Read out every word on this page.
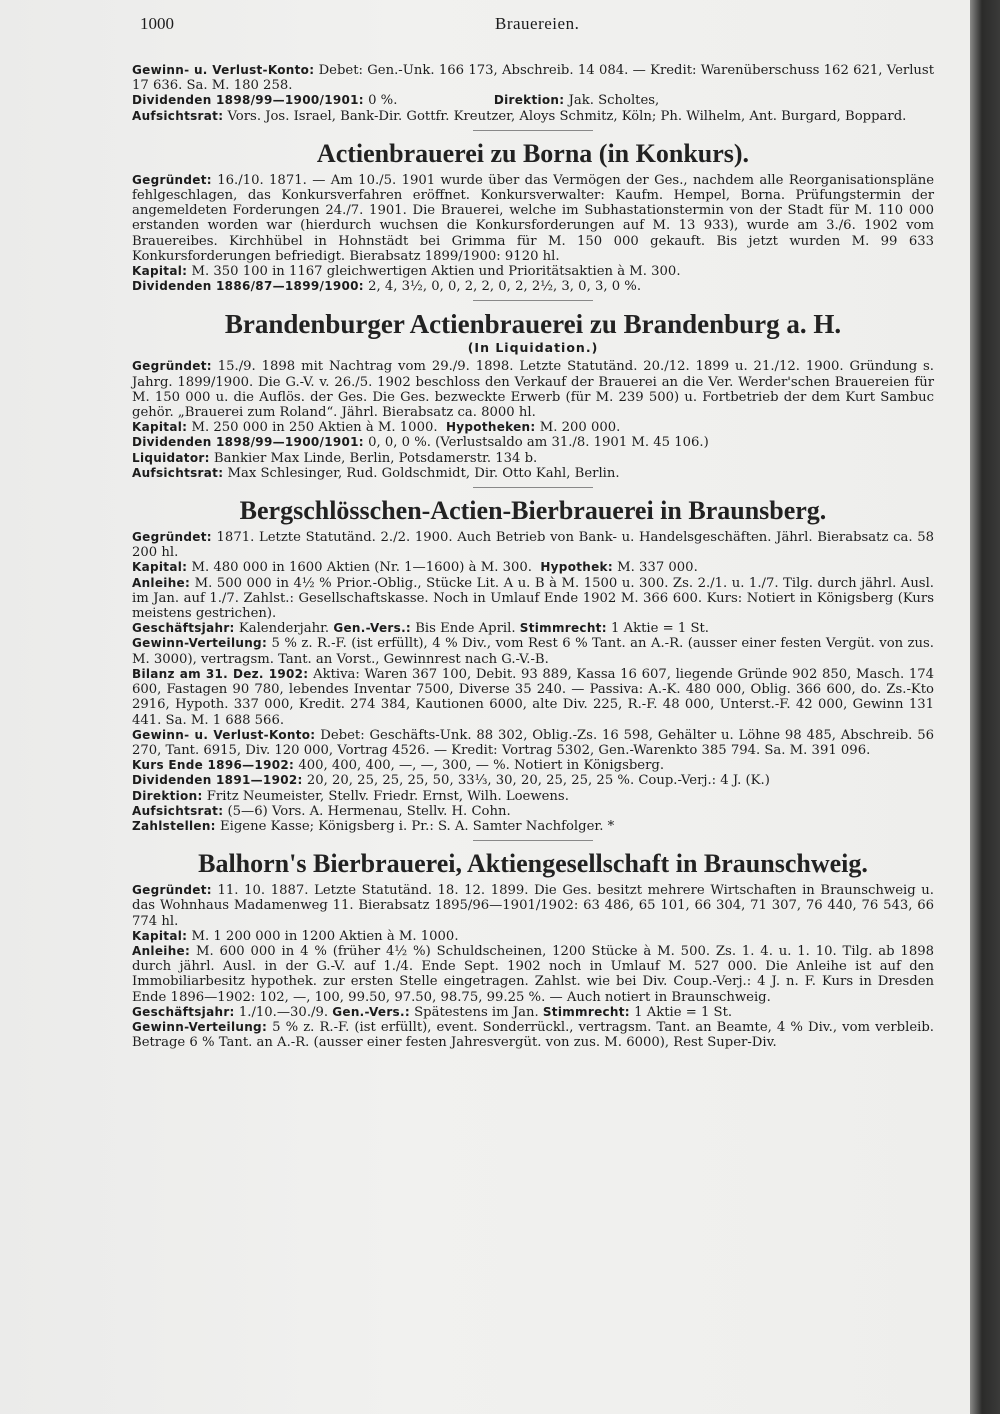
1000	Brauereien.

Gewinn- u. Verlust-Konto: Debet: Gen.-Unk. 166 173, Abschreib. 14 084. — Kredit: Warenüberschuss 162 621, Verlust 17 636. Sa. M. 180 258.

Dividenden 1898/99—1900/1901: 0 %.	Direktion: Jak. Scholtes,

Aufsichtsrat: Vors. Jos. Israel, Bank-Dir. Gottfr. Kreutzer, Aloys Schmitz, Köln; Ph. Wilhelm, Ant. Burgard, Boppard.

Actienbrauerei zu Borna (in Konkurs).

Gegründet: 16./10. 1871. — Am 10./5. 1901 wurde über das Vermögen der Ges., nachdem alle Reorganisationspläne fehlgeschlagen, das Konkursverfahren eröffnet. Konkursverwalter: Kaufm. Hempel, Borna. Prüfungstermin der angemeldeten Forderungen 24./7. 1901. Die Brauerei, welche im Subhastationstermin von der Stadt für M. 110 000 erstanden worden war (hierdurch wuchsen die Konkursforderungen auf M. 13 933), wurde am 3./6. 1902 vom Brauereibes. Kirchhübel in Hohnstädt bei Grimma für M. 150 000 gekauft. Bis jetzt wurden M. 99 633 Konkursforderungen befriedigt. Bierabsatz 1899/1900: 9120 hl.

Kapital: M. 350 100 in 1167 gleichwertigen Aktien und Prioritätsaktien à M. 300.

Dividenden 1886/87—1899/1900: 2, 4, 3½, 0, 0, 2, 2, 0, 2, 2½, 3, 0, 3, 0 %.

Brandenburger Actienbrauerei zu Brandenburg a. H.

(In Liquidation.)

Gegründet: 15./9. 1898 mit Nachtrag vom 29./9. 1898. Letzte Statutänd. 20./12. 1899 u. 21./12. 1900. Gründung s. Jahrg. 1899/1900. Die G.-V. v. 26./5. 1902 beschloss den Verkauf der Brauerei an die Ver. Werder'schen Brauereien für M. 150 000 u. die Auflös. der Ges. Die Ges. bezweckte Erwerb (für M. 239 500) u. Fortbetrieb der dem Kurt Sambuc gehör. „Brauerei zum Roland“. Jährl. Bierabsatz ca. 8000 hl.

Kapital: M. 250 000 in 250 Aktien à M. 1000. Hypotheken: M. 200 000.

Dividenden 1898/99—1900/1901: 0, 0, 0 %. (Verlustsaldo am 31./8. 1901 M. 45 106.)

Liquidator: Bankier Max Linde, Berlin, Potsdamerstr. 134 b.

Aufsichtsrat: Max Schlesinger, Rud. Goldschmidt, Dir. Otto Kahl, Berlin.

Bergschlösschen-Actien-Bierbrauerei in Braunsberg.

Gegründet: 1871. Letzte Statutänd. 2./2. 1900. Auch Betrieb von Bank- u. Handelsgeschäften. Jährl. Bierabsatz ca. 58 200 hl.

Kapital: M. 480 000 in 1600 Aktien (Nr. 1—1600) à M. 300. Hypothek: M. 337 000.

Anleihe: M. 500 000 in 4½ % Prior.-Oblig., Stücke Lit. A u. B à M. 1500 u. 300. Zs. 2./1. u. 1./7. Tilg. durch jährl. Ausl. im Jan. auf 1./7. Zahlst.: Gesellschaftskasse. Noch in Umlauf Ende 1902 M. 366 600. Kurs: Notiert in Königsberg (Kurs meistens gestrichen).

Geschäftsjahr: Kalenderjahr. Gen.-Vers.: Bis Ende April. Stimmrecht: 1 Aktie = 1 St.

Gewinn-Verteilung: 5 % z. R.-F. (ist erfüllt), 4 % Div., vom Rest 6 % Tant. an A.-R. (ausser einer festen Vergüt. von zus. M. 3000), vertragsm. Tant. an Vorst., Gewinnrest nach G.-V.-B.

Bilanz am 31. Dez. 1902: Aktiva: Waren 367 100, Debit. 93 889, Kassa 16 607, liegende Gründe 902 850, Masch. 174 600, Fastagen 90 780, lebendes Inventar 7500, Diverse 35 240. — Passiva: A.-K. 480 000, Oblig. 366 600, do. Zs.-Kto 2916, Hypoth. 337 000, Kredit. 274 384, Kautionen 6000, alte Div. 225, R.-F. 48 000, Unterst.-F. 42 000, Gewinn 131 441. Sa. M. 1 688 566.

Gewinn- u. Verlust-Konto: Debet: Geschäfts-Unk. 88 302, Oblig.-Zs. 16 598, Gehälter u. Löhne 98 485, Abschreib. 56 270, Tant. 6915, Div. 120 000, Vortrag 4526. — Kredit: Vortrag 5302, Gen.-Warenkto 385 794. Sa. M. 391 096.

Kurs Ende 1896—1902: 400, 400, 400, —, —, 300, — %. Notiert in Königsberg.

Dividenden 1891—1902: 20, 20, 25, 25, 25, 50, 33⅓, 30, 20, 25, 25, 25 %. Coup.-Verj.: 4 J. (K.)

Direktion: Fritz Neumeister, Stellv. Friedr. Ernst, Wilh. Loewens.

Aufsichtsrat: (5—6) Vors. A. Hermenau, Stellv. H. Cohn.

Zahlstellen: Eigene Kasse; Königsberg i. Pr.: S. A. Samter Nachfolger. *

Balhorn's Bierbrauerei, Aktiengesellschaft in Braunschweig.

Gegründet: 11. 10. 1887. Letzte Statutänd. 18. 12. 1899. Die Ges. besitzt mehrere Wirtschaften in Braunschweig u. das Wohnhaus Madamenweg 11. Bierabsatz 1895/96—1901/1902: 63 486, 65 101, 66 304, 71 307, 76 440, 76 543, 66 774 hl.

Kapital: M. 1 200 000 in 1200 Aktien à M. 1000.

Anleihe: M. 600 000 in 4 % (früher 4½ %) Schuldscheinen, 1200 Stücke à M. 500. Zs. 1. 4. u. 1. 10. Tilg. ab 1898 durch jährl. Ausl. in der G.-V. auf 1./4. Ende Sept. 1902 noch in Umlauf M. 527 000. Die Anleihe ist auf den Immobiliarbesitz hypothek. zur ersten Stelle eingetragen. Zahlst. wie bei Div. Coup.-Verj.: 4 J. n. F. Kurs in Dresden Ende 1896—1902: 102, —, 100, 99.50, 97.50, 98.75, 99.25 %. — Auch notiert in Braunschweig.

Geschäftsjahr: 1./10.—30./9. Gen.-Vers.: Spätestens im Jan. Stimmrecht: 1 Aktie = 1 St.

Gewinn-Verteilung: 5 % z. R.-F. (ist erfüllt), event. Sonderrückl., vertragsm. Tant. an Beamte, 4 % Div., vom verbleib. Betrage 6 % Tant. an A.-R. (ausser einer festen Jahresvergüt. von zus. M. 6000), Rest Super-Div.
